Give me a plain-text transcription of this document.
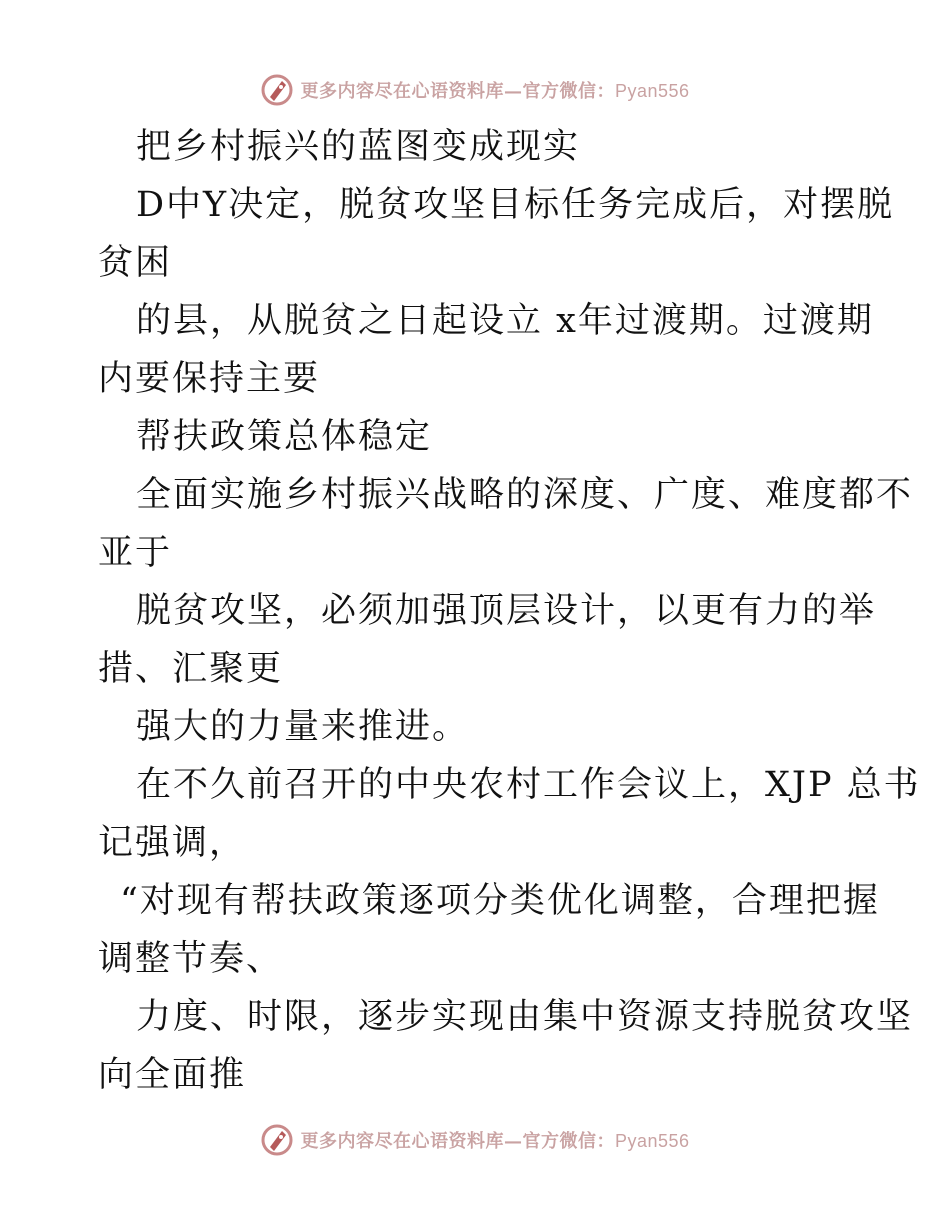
更多内容尽在心语资料库—官方微信：Pyan556
把乡村振兴的蓝图变成现实
D中Y决定，脱贫攻坚目标任务完成后，对摆脱
贫困
的县，从脱贫之日起设立 x年过渡期。过渡期
内要保持主要
帮扶政策总体稳定
全面实施乡村振兴战略的深度、广度、难度都不
亚于
脱贫攻坚，必须加强顶层设计，以更有力的举
措、汇聚更
强大的力量来推进。
在不久前召开的中央农村工作会议上，XJP 总书
记强调，
“对现有帮扶政策逐项分类优化调整，合理把握
调整节奏、
力度、时限，逐步实现由集中资源支持脱贫攻坚
向全面推
更多内容尽在心语资料库—官方微信：Pyan556
